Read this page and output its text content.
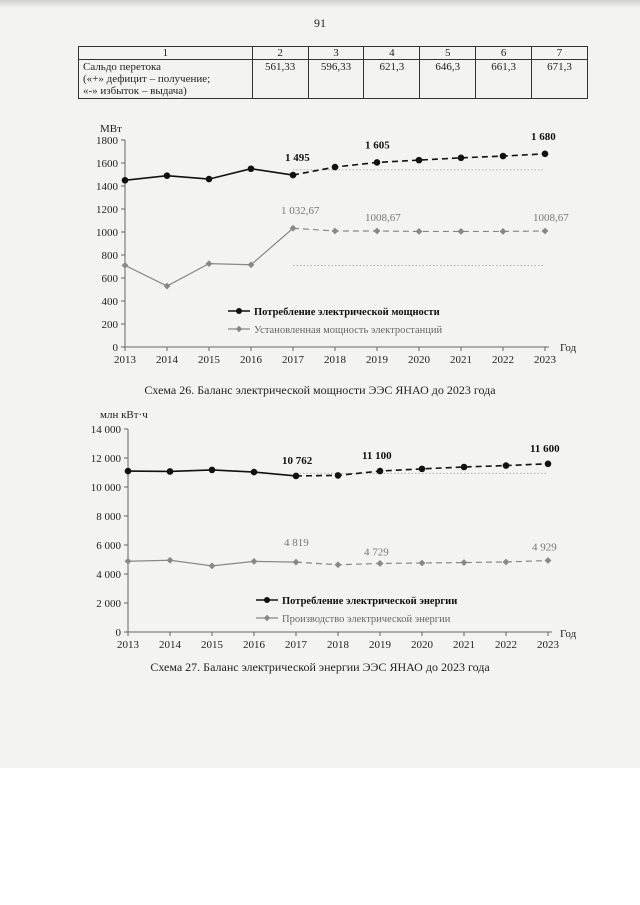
91
1	2	3	4	5	6	7

Сальдо перетока
(«+» дефицит – получение;
«-» избыток – выдача)	561,33	596,33	621,3	646,3	661,3	671,3
0
200
400
600
800
1000
1200
1400
1600
1800
2013 2014 2015 2016 2017 2018 2019 2020 2021 2022 2023
МВт
Год
1 495
1 605
1 680
1 032,67
1008,67	1008,67
Потребление электрической мощности
Установленная мощность электростанций
Схема 26. Баланс электрической мощности ЭЭС ЯНАО до 2023 года
0
2 000
4 000
6 000
8 000
10 000
12 000
14 000
2013 2014 2015 2016 2017 2018 2019 2020 2021 2022 2023
млн кВт·ч
Год
10 762	11 100
11 600
4 819
4 729	4 929
Потребление электрической энергии
Производство электрической энергии
Схема 27. Баланс электрической энергии ЭЭС ЯНАО до 2023 года
